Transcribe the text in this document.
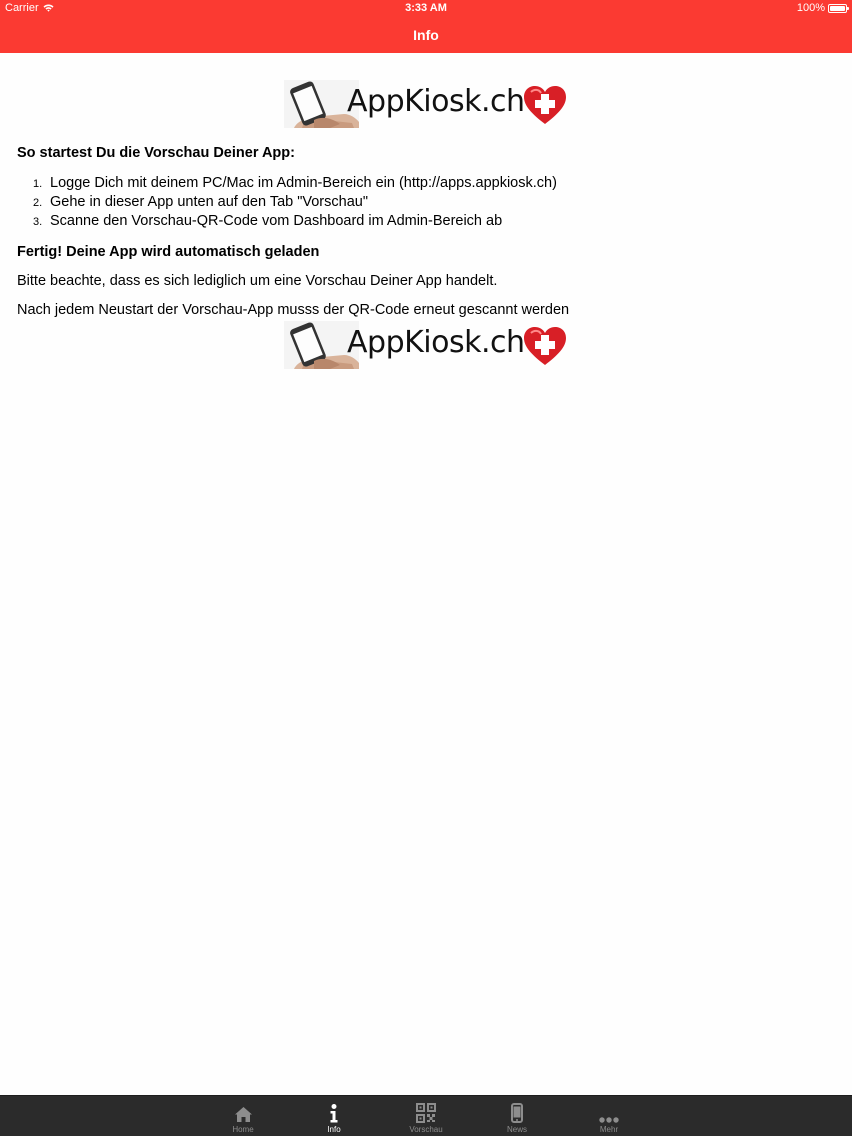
Carrier	3:33 AM	100%
Info
AppKiosk.ch
So startest Du die Vorschau Deiner App:
1. Logge Dich mit deinem PC/Mac im Admin-Bereich ein (http://apps.appkiosk.ch)
2. Gehe in dieser App unten auf den Tab "Vorschau"
3. Scanne den Vorschau-QR-Code vom Dashboard im Admin-Bereich ab
Fertig! Deine App wird automatisch geladen

Bitte beachte, dass es sich lediglich um eine Vorschau Deiner App handelt.

Nach jedem Neustart der Vorschau-App musss der QR-Code erneut gescannt werden

AppKiosk.ch
Home	Info	Vorschau	News	Mehr
